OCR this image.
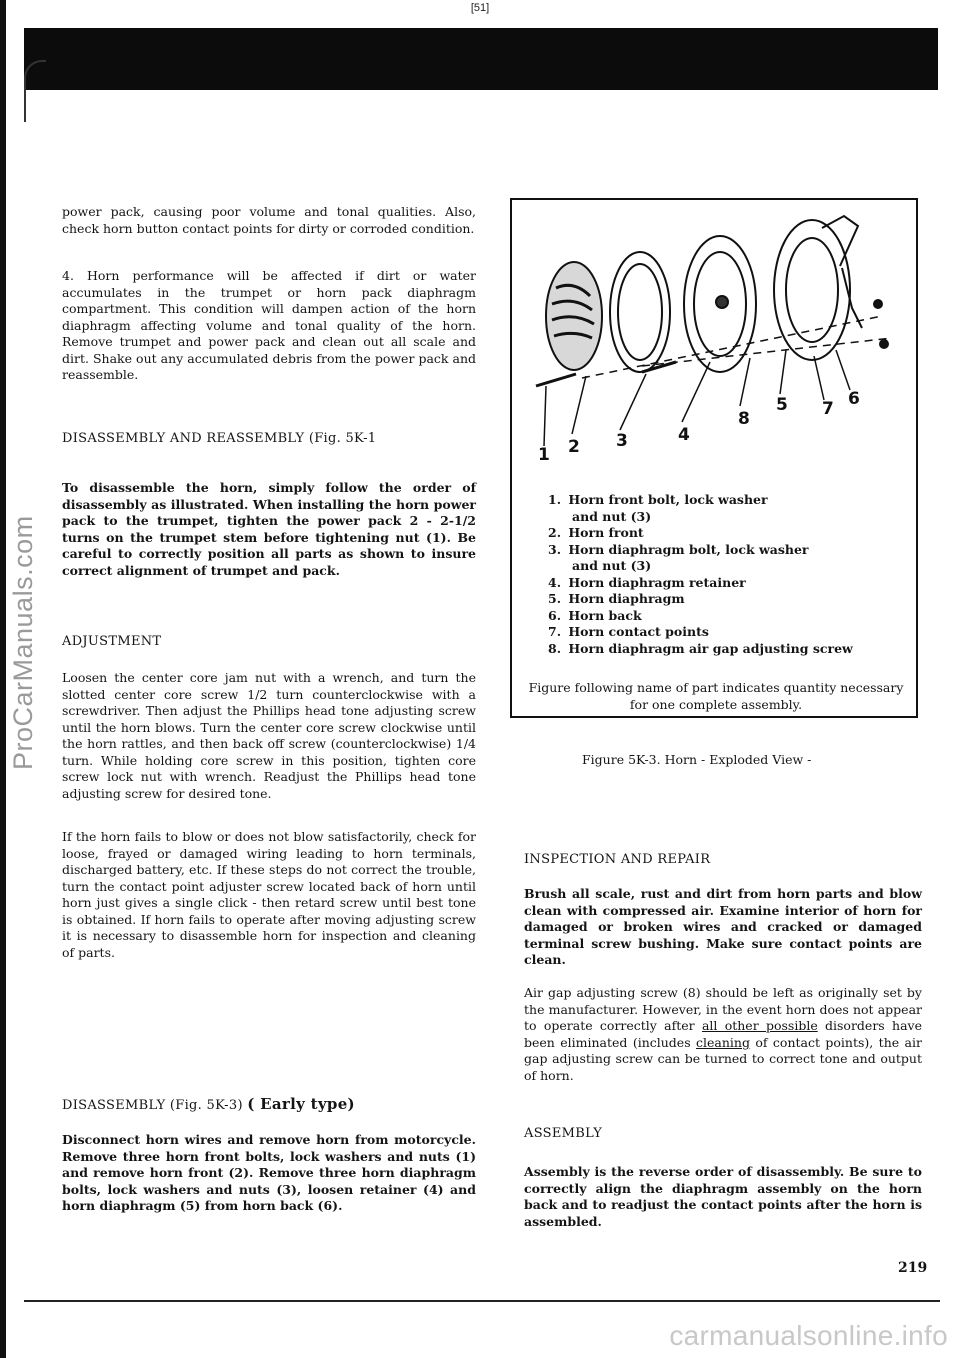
[51]
ProCarManuals.com

power pack, causing poor volume and tonal qualities. Also, check horn button contact points for dirty or corroded condition.

4. Horn performance will be affected if dirt or water accumulates in the trumpet or horn pack diaphragm compartment. This condition will dampen action of the horn diaphragm affecting volume and tonal quality of the horn. Remove trumpet and power pack and clean out all scale and dirt. Shake out any accumulated debris from the power pack and reassemble.

DISASSEMBLY AND REASSEMBLY (Fig. 5K-1

To disassemble the horn, simply follow the order of disassembly as illustrated. When installing the horn power pack to the trumpet, tighten the power pack 2 - 2-1/2 turns on the trumpet stem before tightening nut (1). Be careful to correctly position all parts as shown to insure correct alignment of trumpet and pack.

ADJUSTMENT

Loosen the center core jam nut with a wrench, and turn the slotted center core screw 1/2 turn counterclockwise with a screwdriver. Then adjust the Phillips head tone adjusting screw until the horn blows. Turn the center core screw clockwise until the horn rattles, and then back off screw (counterclockwise) 1/4 turn. While holding core screw in this position, tighten core screw lock nut with wrench. Readjust the Phillips head tone adjusting screw for desired tone.

If the horn fails to blow or does not blow satisfactorily, check for loose, frayed or damaged wiring leading to horn terminals, discharged battery, etc. If these steps do not correct the trouble, turn the contact point adjuster screw located back of horn until horn just gives a single click - then retard screw until best tone is obtained. If horn fails to operate after moving adjusting screw it is necessary to disassemble horn for inspection and cleaning of parts.

DISASSEMBLY (Fig. 5K-3) ( Early type)

Disconnect horn wires and remove horn from motorcycle. Remove three horn front bolts, lock washers and nuts (1) and remove horn front (2). Remove three horn diaphragm bolts, lock washers and nuts (3), loosen retainer (4) and horn diaphragm (5) from horn back (6).

1 2 3	4
8
5 7 6
1. Horn front bolt, lock washer
and nut (3)
2. Horn front
3. Horn diaphragm bolt, lock washer
and nut (3)
4. Horn diaphragm retainer
5. Horn diaphragm
6. Horn back
7. Horn contact points
8. Horn diaphragm air gap adjusting screw
Figure following name of part indicates quantity necessary for one complete assembly.
Figure 5K-3. Horn - Exploded View -

INSPECTION AND REPAIR

Brush all scale, rust and dirt from horn parts and blow clean with compressed air. Examine interior of horn for damaged or broken wires and cracked or damaged terminal screw bushing. Make sure contact points are clean.

Air gap adjusting screw (8) should be left as originally set by the manufacturer. However, in the event horn does not appear to operate correctly after all other possible disorders have been eliminated (includes cleaning of contact points), the air gap adjusting screw can be turned to correct tone and output of horn.

ASSEMBLY

Assembly is the reverse order of disassembly. Be sure to correctly align the diaphragm assembly on the horn back and to readjust the contact points after the horn is assembled.

219
carmanualsonline.info
